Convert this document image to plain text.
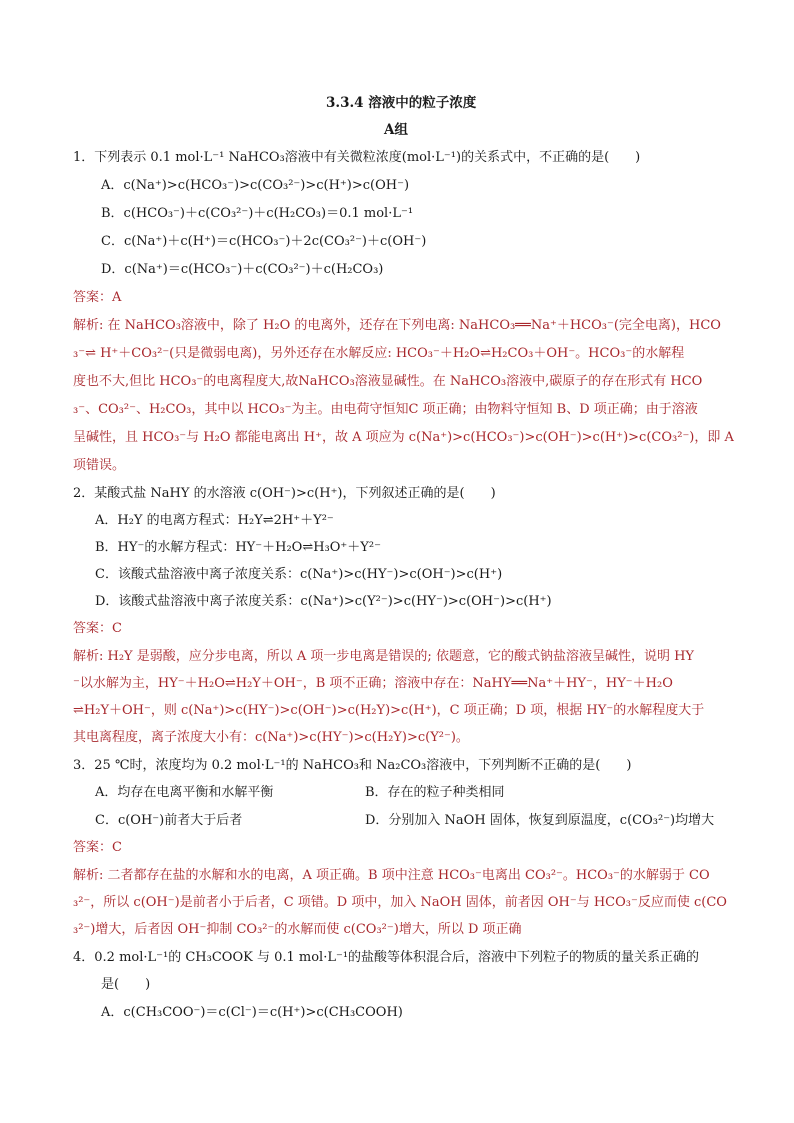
3.3.4 溶液中的粒子浓度
A组
1．下列表示 0.1 mol·L⁻¹ NaHCO₃溶液中有关微粒浓度(mol·L⁻¹)的关系式中，不正确的是(　　)
A．c(Na⁺)>c(HCO₃⁻)>c(CO₃²⁻)>c(H⁺)>c(OH⁻)
B．c(HCO₃⁻)＋c(CO₃²⁻)＋c(H₂CO₃)＝0.1 mol·L⁻¹
C．c(Na⁺)＋c(H⁺)＝c(HCO₃⁻)＋2c(CO₃²⁻)＋c(OH⁻)
D．c(Na⁺)＝c(HCO₃⁻)＋c(CO₃²⁻)＋c(H₂CO₃)
答案：A
解析: 在 NaHCO₃溶液中，除了 H₂O 的电离外，还存在下列电离: NaHCO₃══Na⁺＋HCO₃⁻(完全电离)，HCO
₃⁻⇌ H⁺＋CO₃²⁻(只是微弱电离)，另外还存在水解反应: HCO₃⁻＋H₂O⇌H₂CO₃＋OH⁻。HCO₃⁻的水解程
度也不大,但比 HCO₃⁻的电离程度大,故NaHCO₃溶液显碱性。在 NaHCO₃溶液中,碳原子的存在形式有 HCO
₃⁻、CO₃²⁻、H₂CO₃，其中以 HCO₃⁻为主。由电荷守恒知C 项正确；由物料守恒知 B、D 项正确；由于溶液
呈碱性，且 HCO₃⁻与 H₂O 都能电离出 H⁺，故 A 项应为 c(Na⁺)>c(HCO₃⁻)>c(OH⁻)>c(H⁺)>c(CO₃²⁻)，即 A
项错误。
2．某酸式盐 NaHY 的水溶液 c(OH⁻)>c(H⁺)，下列叙述正确的是(　　)
A．H₂Y 的电离方程式：H₂Y⇌2H⁺＋Y²⁻
B．HY⁻的水解方程式：HY⁻＋H₂O⇌H₃O⁺＋Y²⁻
C．该酸式盐溶液中离子浓度关系：c(Na⁺)>c(HY⁻)>c(OH⁻)>c(H⁺)
D．该酸式盐溶液中离子浓度关系：c(Na⁺)>c(Y²⁻)>c(HY⁻)>c(OH⁻)>c(H⁺)
答案：C
解析: H₂Y 是弱酸，应分步电离，所以 A 项一步电离是错误的; 依题意，它的酸式钠盐溶液呈碱性，说明 HY
⁻以水解为主，HY⁻＋H₂O⇌H₂Y＋OH⁻，B 项不正确；溶液中存在：NaHY══Na⁺＋HY⁻，HY⁻＋H₂O
⇌H₂Y＋OH⁻，则 c(Na⁺)>c(HY⁻)>c(OH⁻)>c(H₂Y)>c(H⁺)，C 项正确；D 项，根据 HY⁻的水解程度大于
其电离程度，离子浓度大小有：c(Na⁺)>c(HY⁻)>c(H₂Y)>c(Y²⁻)。
3．25 ℃时，浓度均为 0.2 mol·L⁻¹的 NaHCO₃和 Na₂CO₃溶液中，下列判断不正确的是(　　)
A．均存在电离平衡和水解平衡	B．存在的粒子种类相同
C．c(OH⁻)前者大于后者	D．分别加入 NaOH 固体，恢复到原温度，c(CO₃²⁻)均增大
答案：C
解析: 二者都存在盐的水解和水的电离，A 项正确。B 项中注意 HCO₃⁻电离出 CO₃²⁻。HCO₃⁻的水解弱于 CO
₃²⁻，所以 c(OH⁻)是前者小于后者，C 项错。D 项中，加入 NaOH 固体，前者因 OH⁻与 HCO₃⁻反应而使 c(CO
₃²⁻)增大，后者因 OH⁻抑制 CO₃²⁻的水解而使 c(CO₃²⁻)增大，所以 D 项正确
4．0.2 mol·L⁻¹的 CH₃COOK 与 0.1 mol·L⁻¹的盐酸等体积混合后，溶液中下列粒子的物质的量关系正确的
是(　　)
A．c(CH₃COO⁻)＝c(Cl⁻)＝c(H⁺)>c(CH₃COOH)
